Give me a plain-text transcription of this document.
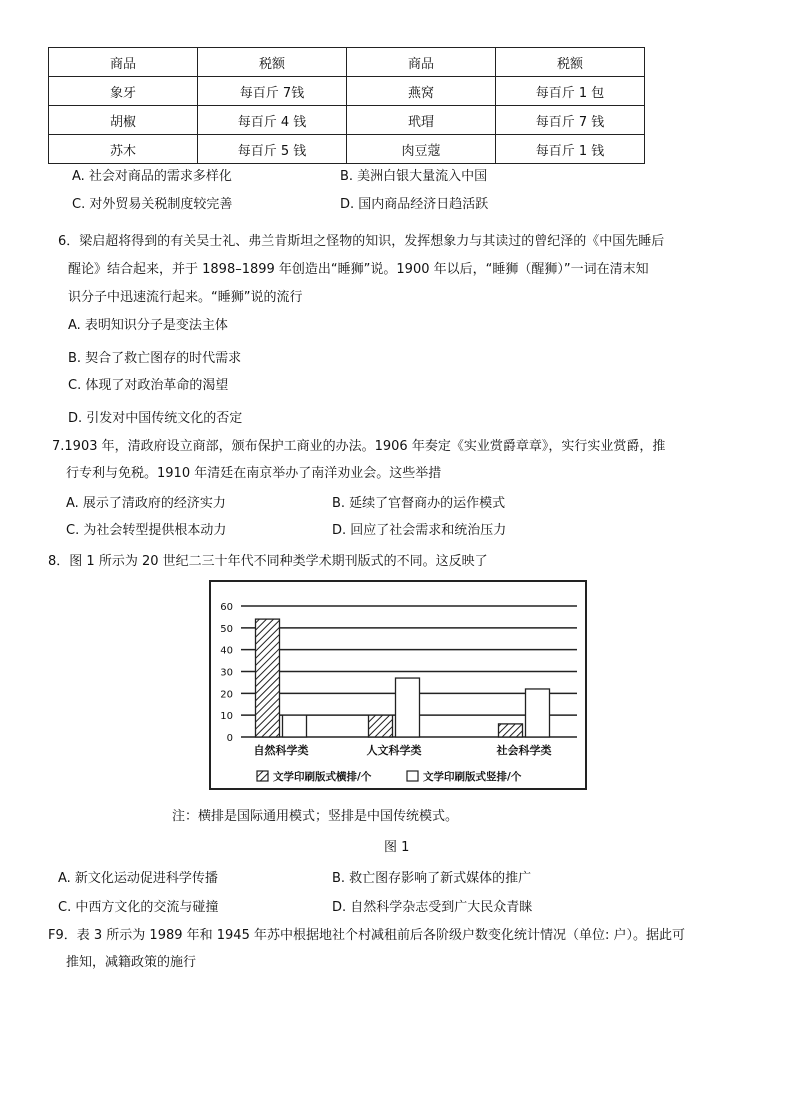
商品	税额	商品	税额
象牙	每百斤 7钱	燕窝	每百斤 1 包
胡椒	每百斤 4 钱	玳瑁	每百斤 7 钱
苏木	每百斤 5 钱	肉豆蔻	每百斤 1 钱
A. 社会对商品的需求多样化	B. 美洲白银大量流入中国
C. 对外贸易关税制度较完善	D. 国内商品经济日趋活跃
6．梁启超将得到的有关吴士礼、弗兰肯斯坦之怪物的知识，发挥想象力与其读过的曾纪泽的《中国先睡后
醒论》结合起来，并于 1898–1899 年创造出“睡狮”说。1900 年以后，“睡狮（醒狮）”一词在清末知
识分子中迅速流行起来。“睡狮”说的流行
A. 表明知识分子是变法主体
B. 契合了救亡图存的时代需求
C. 体现了对政治革命的渴望
D. 引发对中国传统文化的否定
7.1903 年，清政府设立商部，颁布保护工商业的办法。1906 年奏定《实业赏爵章章》，实行实业赏爵，推
行专利与免税。1910 年清廷在南京举办了南洋劝业会。这些举措
A. 展示了清政府的经济实力	B. 延续了官督商办的运作模式
C. 为社会转型提供根本动力	D. 回应了社会需求和统治压力
8．图 1 所示为 20 世纪二三十年代不同种类学术期刊版式的不同。这反映了
0
10
20
30
40
50
60
自然科学类	人文科学类	社会科学类
文学印刷版式横排/个	文学印刷版式竖排/个
注：横排是国际通用模式；竖排是中国传统模式。
图 1
A. 新文化运动促进科学传播	B. 救亡图存影响了新式媒体的推广
C. 中西方文化的交流与碰撞	D. 自然科学杂志受到广大民众青睐
F9．表 3 所示为 1989 年和 1945 年苏中根据地社个村减租前后各阶级户数变化统计情况（单位: 户）。据此可
推知，减籍政策的施行
